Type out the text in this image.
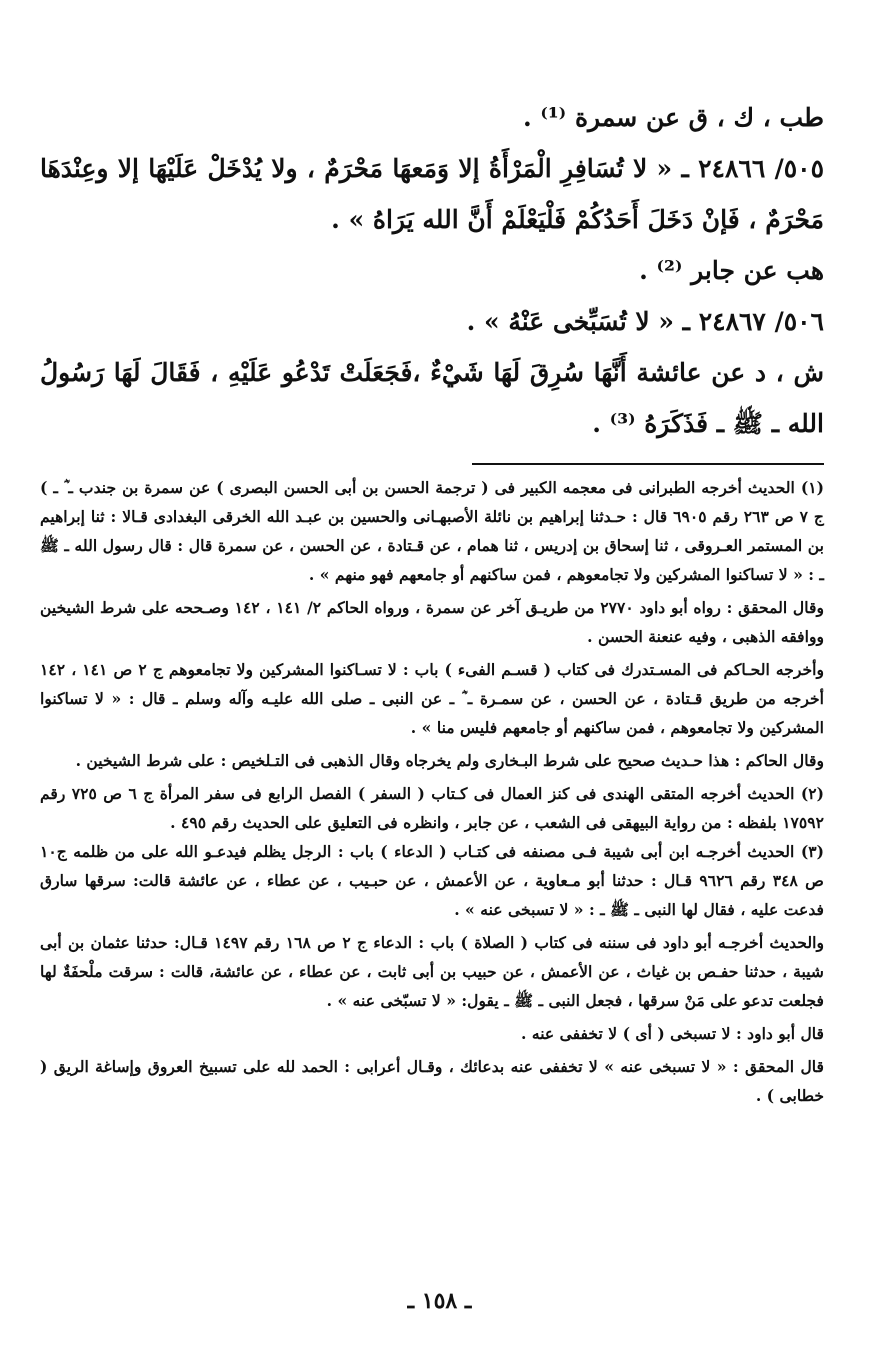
طب ، ك ، ق عن سمرة ⁽¹⁾ .

٥٠٥/ ٢٤٨٦٦ ـ « لا تُسَافِرِ الْمَرْأَةُ إلا وَمَعهَا مَحْرَمٌ ، ولا يُدْخَلْ عَلَيْهَا إلا وعِنْدَهَا مَحْرَمٌ ، فَإنْ دَخَلَ أَحَدُكُمْ فَلْيَعْلَمْ أَنَّ الله يَرَاهُ » .

هب عن جابر ⁽²⁾ .

٥٠٦/ ٢٤٨٦٧ ـ « لا تُسَبِّخى عَنْهُ » .

ش ، د عن عائشة أَنَّهَا سُرِقَ لَهَا شَيْءٌ ،فَجَعَلَتْ تَدْعُو عَلَيْهِ ، فَقَالَ لَهَا رَسُولُ الله ـ ﷺ ـ فَذَكَرَهُ ⁽³⁾ .

(١) الحديث أخرجه الطبرانى فى معجمه الكبير فى ( ترجمة الحسن بن أبى الحسن البصرى ) عن سمرة بن جندب ـ ؓ ـ ) ج ٧ ص ٢٦٣ رقم ٦٩٠٥ قال : حـدثنا إبراهيم بن نائلة الأصبهـانى والحسين بن عبـد الله الخرقى البغدادى قـالا : ثنا إبراهيم بن المستمر العـروقى ، ثنا إسحاق بن إدريس ، ثنا همام ، عن قـتادة ، عن الحسن ، عن سمرة قال : قال رسول الله ـ ﷺ ـ : « لا تساكنوا المشركين ولا تجامعوهم ، فمن ساكنهم أو جامعهم فهو منهم » .

وقال المحقق : رواه أبو داود ٢٧٧٠ من طريـق آخر عن سمرة ، ورواه الحاكم ٢/ ١٤١ ، ١٤٢ وصـححه على شرط الشيخين ووافقه الذهبى ، وفيه عنعنة الحسن .

وأخرجه الحـاكم فى المسـتدرك فى كتاب ( قسـم الفىء ) باب : لا تسـاكنوا المشركين ولا تجامعوهم ج ٢ ص ١٤١ ، ١٤٢ أخرجه من طريق قـتادة ، عن الحسن ، عن سمـرة ـ ؓ ـ عن النبى ـ صلى الله عليـه وآله وسلم ـ قال : « لا تساكنوا المشركين ولا تجامعوهم ، فمن ساكنهم أو جامعهم فليس منا » .

وقال الحاكم : هذا حـديث صحيح على شرط البـخارى ولم يخرجاه وقال الذهبى فى التـلخيص : على شرط الشيخين .

(٢) الحديث أخرجه المتقى الهندى فى كنز العمال فى كـتاب ( السفر ) الفصل الرابع فى سفر المرأة ج ٦ ص ٧٢٥ رقم ١٧٥٩٢ بلفظه : من رواية البيهقى فى الشعب ، عن جابر ، وانظره فى التعليق على الحديث رقم ٤٩٥ .

(٣) الحديث أخرجـه ابن أبى شيبة فـى مصنفه فى كتـاب ( الدعاء ) باب : الرجل يظلم فيدعـو الله على من ظلمه ج١٠ ص ٣٤٨ رقم ٩٦٢٦ قـال : حدثنا أبو مـعاوية ، عن الأعمش ، عن حبـيب ، عن عطاء ، عن عائشة قالت: سرقها سارق فدعت عليه ، فقال لها النبى ـ ﷺ ـ : « لا تسبخى عنه » .

والحديث أخرجـه أبو داود فى سننه فى كتاب ( الصلاة ) باب : الدعاء ج ٢ ص ١٦٨ رقم ١٤٩٧ قـال: حدثنا عثمان بن أبى شيبة ، حدثنا حفـص بن غياث ، عن الأعمش ، عن حبيب بن أبى ثابت ، عن عطاء ، عن عائشة، قالت : سرقت ملْحفَةٌ لها فجلعت تدعو على مَنْ سرقها ، فجعل النبى ـ ﷺ ـ يقول: « لا تسبّخى عنه » .

قال أبو داود : لا تسبخى ( أى ) لا تخففى عنه .

قال المحقق : « لا تسبخى عنه » لا تخففى عنه بدعائك ، وقـال أعرابى : الحمد لله على تسبيخ العروق وإساغة الريق ( خطابى ) .

ـ ١٥٨ ـ
